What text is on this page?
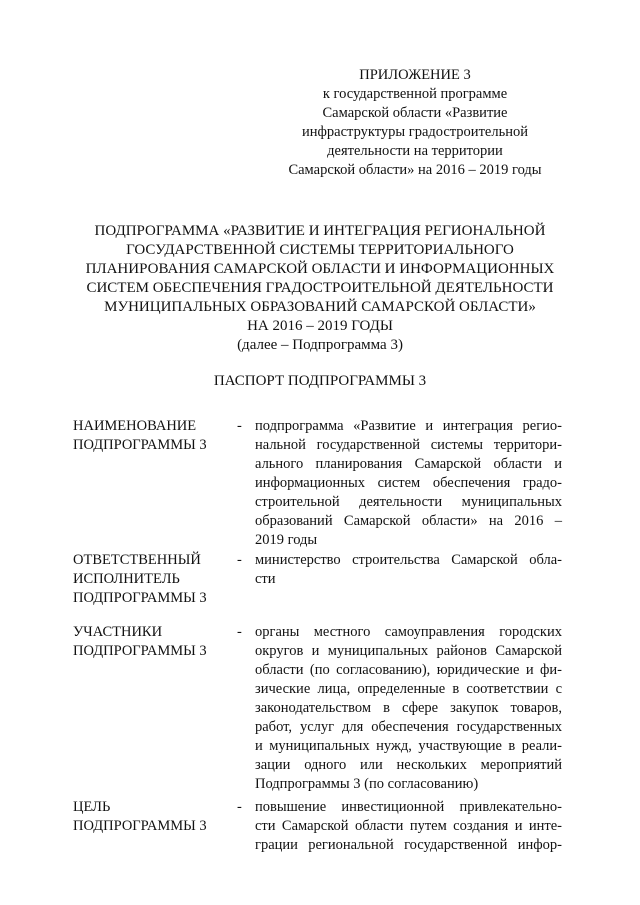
ПРИЛОЖЕНИЕ 3
к государственной программе
Самарской области «Развитие
инфраструктуры градостроительной
деятельности на территории
Самарской области» на 2016 – 2019 годы
ПОДПРОГРАММА «РАЗВИТИЕ И ИНТЕГРАЦИЯ РЕГИОНАЛЬНОЙ
ГОСУДАРСТВЕННОЙ СИСТЕМЫ ТЕРРИТОРИАЛЬНОГО
ПЛАНИРОВАНИЯ САМАРСКОЙ ОБЛАСТИ И ИНФОРМАЦИОННЫХ
СИСТЕМ ОБЕСПЕЧЕНИЯ ГРАДОСТРОИТЕЛЬНОЙ ДЕЯТЕЛЬНОСТИ
МУНИЦИПАЛЬНЫХ ОБРАЗОВАНИЙ САМАРСКОЙ ОБЛАСТИ»
НА 2016 – 2019 ГОДЫ
(далее – Подпрограмма 3)
ПАСПОРТ ПОДПРОГРАММЫ 3
НАИМЕНОВАНИЕ
ПОДПРОГРАММЫ 3
- подпрограмма «Развитие и интеграция регио-
нальной государственной системы территори-
ального планирования Самарской области и
информационных систем обеспечения градо-
строительной деятельности муниципальных
образований Самарской области» на 2016 –
2019 годы
ОТВЕТСТВЕННЫЙ
ИСПОЛНИТЕЛЬ
ПОДПРОГРАММЫ 3
- министерство строительства Самарской обла-
сти
УЧАСТНИКИ
ПОДПРОГРАММЫ 3
- органы местного самоуправления городских
округов и муниципальных районов Самарской
области (по согласованию), юридические и фи-
зические лица, определенные в соответствии с
законодательством в сфере закупок товаров,
работ, услуг для обеспечения государственных
и муниципальных нужд, участвующие в реали-
зации одного или нескольких мероприятий
Подпрограммы 3 (по согласованию)
ЦЕЛЬ
ПОДПРОГРАММЫ 3
- повышение инвестиционной привлекательно-
сти Самарской области путем создания и инте-
грации региональной государственной инфор-
